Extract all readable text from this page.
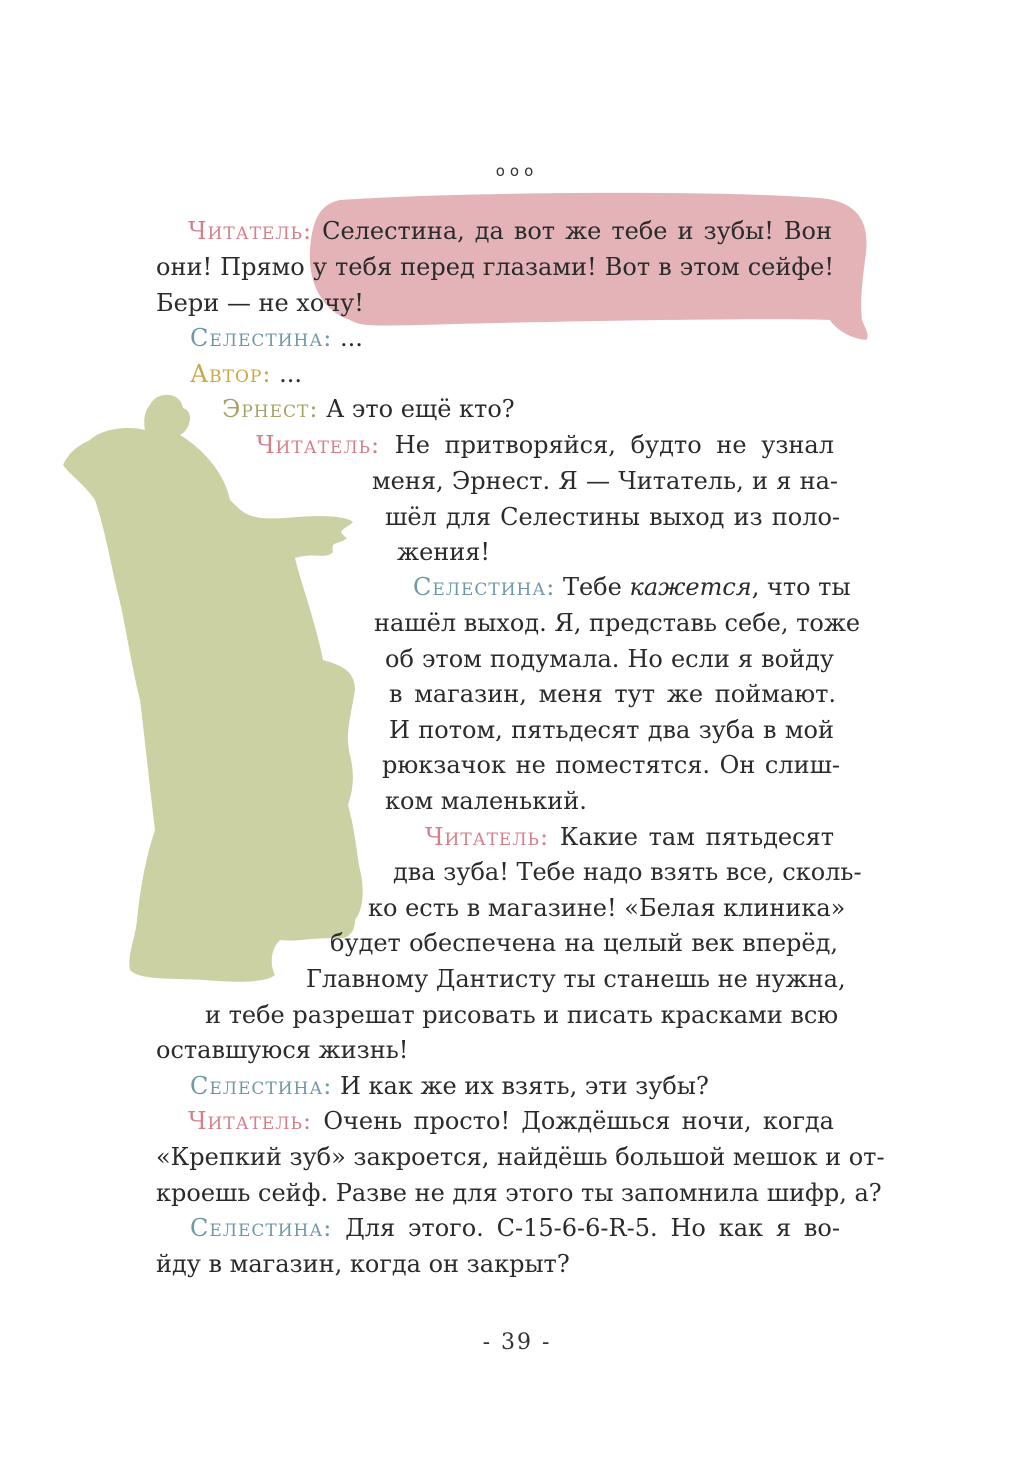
ooo
Читатель: Селестина, да вот же тебе и зубы! Вон
они! Прямо у тебя перед глазами! Вот в этом сейфе!
Бери — не хочу!
Селестина: ...
Автор: ...
Эрнест: А это ещё кто?
Читатель: Не притворяйся, будто не узнал
меня, Эрнест. Я — Читатель, и я на-
шёл для Селестины выход из поло-
жения!
Селестина: Тебе кажется, что ты
нашёл выход. Я, представь себе, тоже
об этом подумала. Но если я войду
в магазин, меня тут же поймают.
И потом, пятьдесят два зуба в мой
рюкзачок не поместятся. Он слиш-
ком маленький.
Читатель: Какие там пятьдесят
два зуба! Тебе надо взять все, сколь-
ко есть в магазине! «Белая клиника»
будет обеспечена на целый век вперёд,
Главному Дантисту ты станешь не нужна,
и тебе разрешат рисовать и писать красками всю
оставшуюся жизнь!
Селестина: И как же их взять, эти зубы?
Читатель: Очень просто! Дождёшься ночи, когда
«Крепкий зуб» закроется, найдёшь большой мешок и от-
кроешь сейф. Разве не для этого ты запомнила шифр, а?
Селестина: Для этого. С-15-6-6-R-5. Но как я во-
йду в магазин, когда он закрыт?
- 39 -
